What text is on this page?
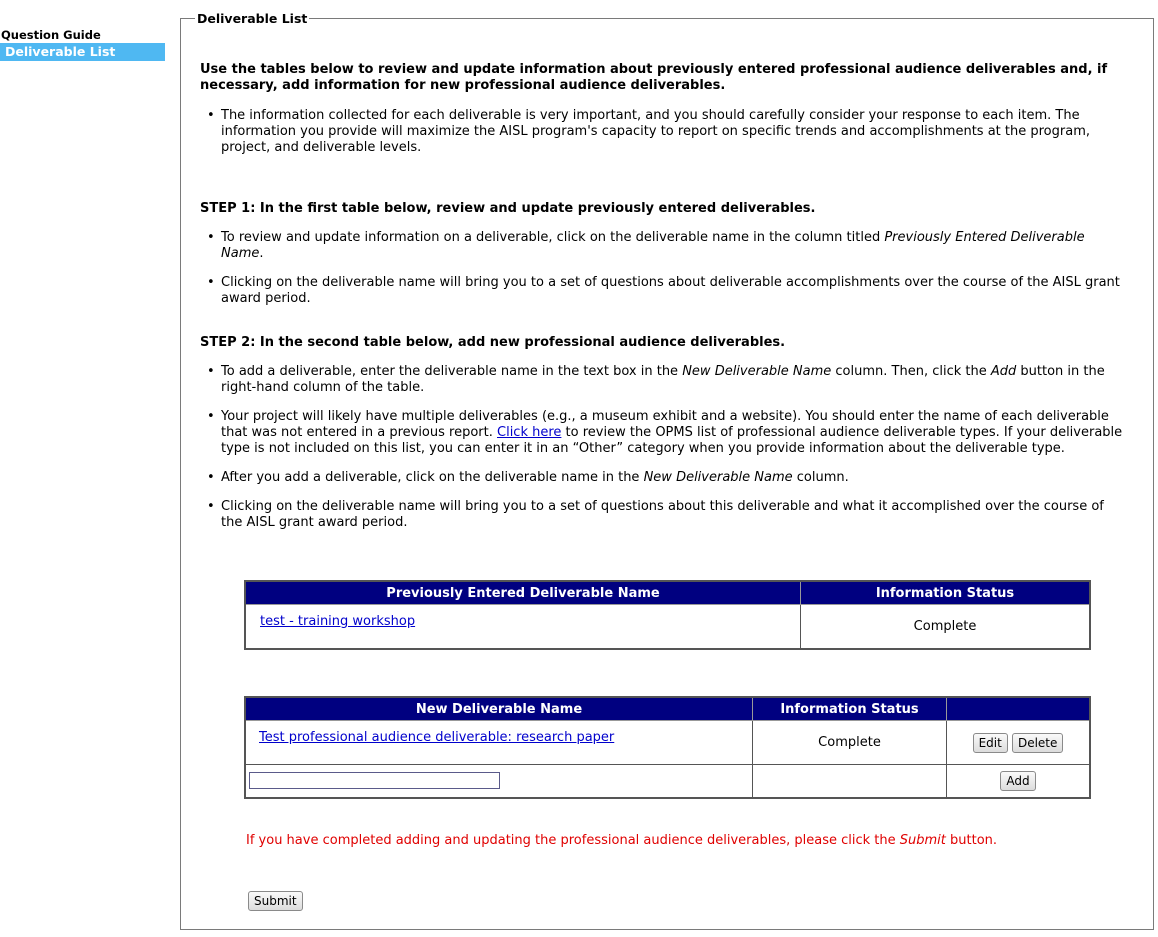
Question Guide
Deliverable List
Deliverable List
Use the tables below to review and update information about previously entered professional audience deliverables and, if necessary, add information for new professional audience deliverables.
• The information collected for each deliverable is very important, and you should carefully consider your response to each item. The information you provide will maximize the AISL program's capacity to report on specific trends and accomplishments at the program, project, and deliverable levels.
STEP 1: In the first table below, review and update previously entered deliverables.
• To review and update information on a deliverable, click on the deliverable name in the column titled Previously Entered Deliverable Name.
• Clicking on the deliverable name will bring you to a set of questions about deliverable accomplishments over the course of the AISL grant award period.
STEP 2: In the second table below, add new professional audience deliverables.
• To add a deliverable, enter the deliverable name in the text box in the New Deliverable Name column. Then, click the Add button in the right-hand column of the table.
• Your project will likely have multiple deliverables (e.g., a museum exhibit and a website). You should enter the name of each deliverable that was not entered in a previous report. Click here to review the OPMS list of professional audience deliverable types. If your deliverable type is not included on this list, you can enter it in an “Other” category when you provide information about the deliverable type.
• After you add a deliverable, click on the deliverable name in the New Deliverable Name column.
• Clicking on the deliverable name will bring you to a set of questions about this deliverable and what it accomplished over the course of the AISL grant award period.
Previously Entered Deliverable Name	Information Status
test - training workshop	Complete
New Deliverable Name	Information Status	
Test professional audience deliverable: research paper	Complete	Edit Delete
		Add
If you have completed adding and updating the professional audience deliverables, please click the Submit button.
Submit
